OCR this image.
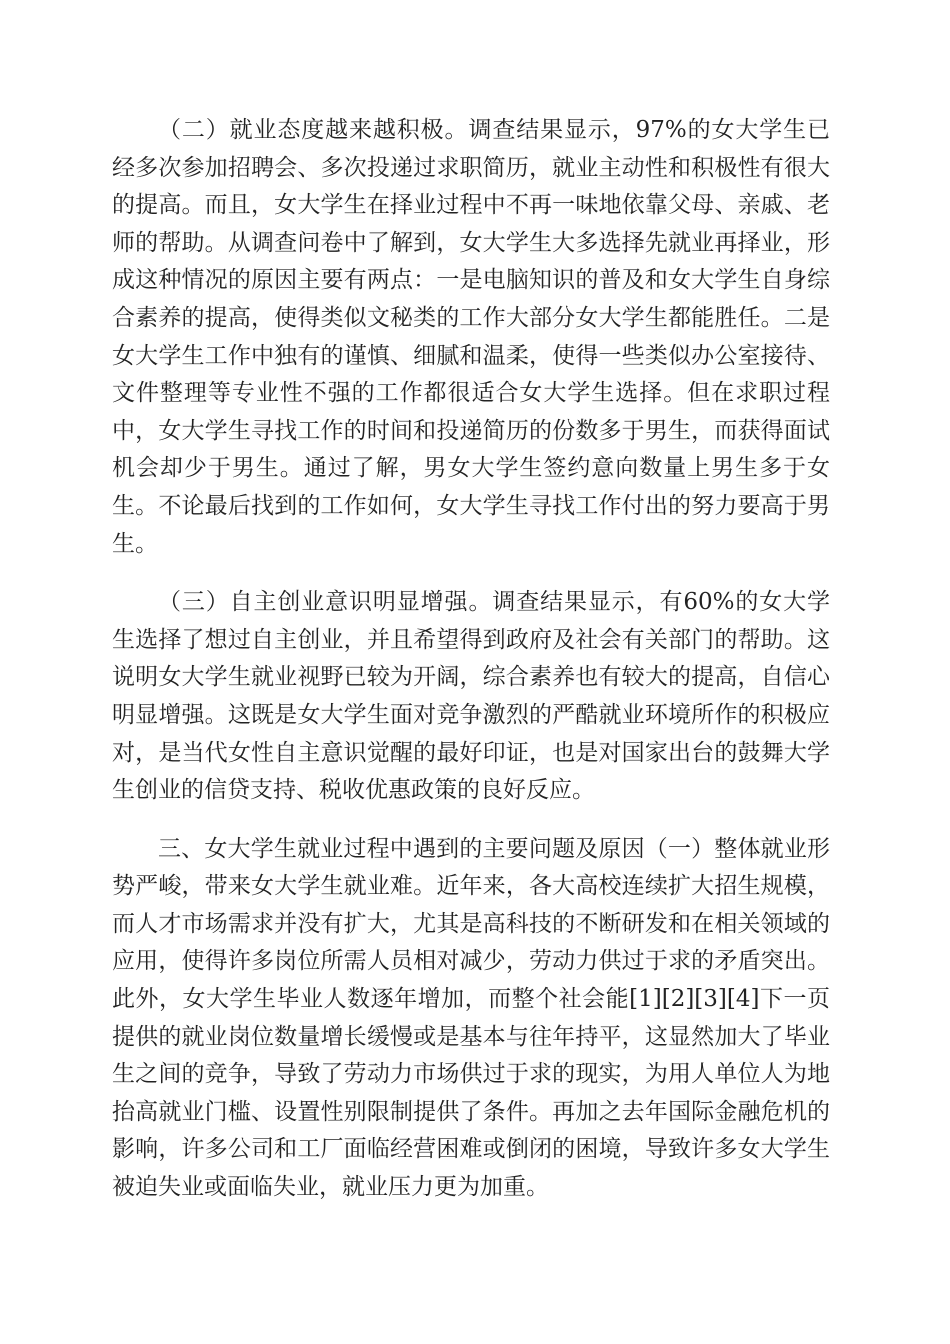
（二）就业态度越来越积极。调查结果显示，97%的女大学生已经多次参加招聘会、多次投递过求职简历，就业主动性和积极性有很大的提高。而且，女大学生在择业过程中不再一味地依靠父母、亲戚、老师的帮助。从调查问卷中了解到，女大学生大多选择先就业再择业，形成这种情况的原因主要有两点：一是电脑知识的普及和女大学生自身综合素养的提高，使得类似文秘类的工作大部分女大学生都能胜任。二是女大学生工作中独有的谨慎、细腻和温柔，使得一些类似办公室接待、文件整理等专业性不强的工作都很适合女大学生选择。但在求职过程中，女大学生寻找工作的时间和投递简历的份数多于男生，而获得面试机会却少于男生。通过了解，男女大学生签约意向数量上男生多于女生。不论最后找到的工作如何，女大学生寻找工作付出的努力要高于男生。

（三）自主创业意识明显增强。调查结果显示，有60%的女大学生选择了想过自主创业，并且希望得到政府及社会有关部门的帮助。这说明女大学生就业视野已较为开阔，综合素养也有较大的提高，自信心明显增强。这既是女大学生面对竞争激烈的严酷就业环境所作的积极应对，是当代女性自主意识觉醒的最好印证，也是对国家出台的鼓舞大学生创业的信贷支持、税收优惠政策的良好反应。

三、女大学生就业过程中遇到的主要问题及原因（一）整体就业形势严峻，带来女大学生就业难。近年来，各大高校连续扩大招生规模，而人才市场需求并没有扩大，尤其是高科技的不断研发和在相关领域的应用，使得许多岗位所需人员相对减少，劳动力供过于求的矛盾突出。此外，女大学生毕业人数逐年增加，而整个社会能[1][2][3][4]下一页提供的就业岗位数量增长缓慢或是基本与往年持平，这显然加大了毕业生之间的竞争，导致了劳动力市场供过于求的现实，为用人单位人为地抬高就业门槛、设置性别限制提供了条件。再加之去年国际金融危机的影响，许多公司和工厂面临经营困难或倒闭的困境，导致许多女大学生被迫失业或面临失业，就业压力更为加重。
